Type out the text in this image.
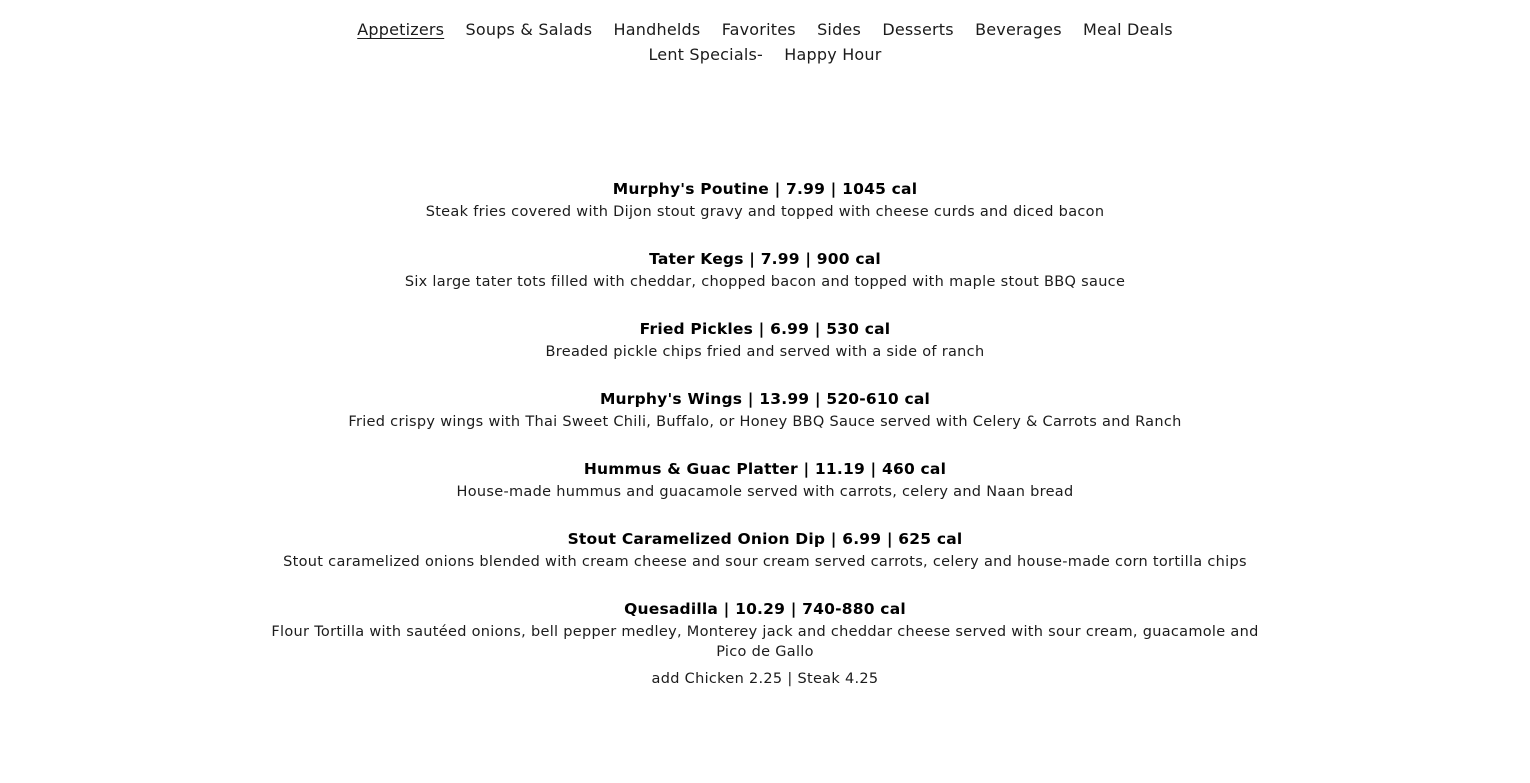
Appetizers Soups & Salads Handhelds Favorites Sides Desserts Beverages Meal Deals Lent Specials- Happy Hour
Murphy's Poutine | 7.99 | 1045 cal
Steak fries covered with Dijon stout gravy and topped with cheese curds and diced bacon
Tater Kegs | 7.99 | 900 cal
Six large tater tots filled with cheddar, chopped bacon and topped with maple stout BBQ sauce
Fried Pickles | 6.99 | 530 cal
Breaded pickle chips fried and served with a side of ranch
Murphy's Wings | 13.99 | 520-610 cal
Fried crispy wings with Thai Sweet Chili, Buffalo, or Honey BBQ Sauce served with Celery & Carrots and Ranch
Hummus & Guac Platter | 11.19 | 460 cal
House-made hummus and guacamole served with carrots, celery and Naan bread
Stout Caramelized Onion Dip | 6.99 | 625 cal
Stout caramelized onions blended with cream cheese and sour cream served carrots, celery and house-made corn tortilla chips
Quesadilla | 10.29 | 740-880 cal
Flour Tortilla with sautéed onions, bell pepper medley, Monterey jack and cheddar cheese served with sour cream, guacamole and Pico de Gallo
add Chicken 2.25 | Steak 4.25
